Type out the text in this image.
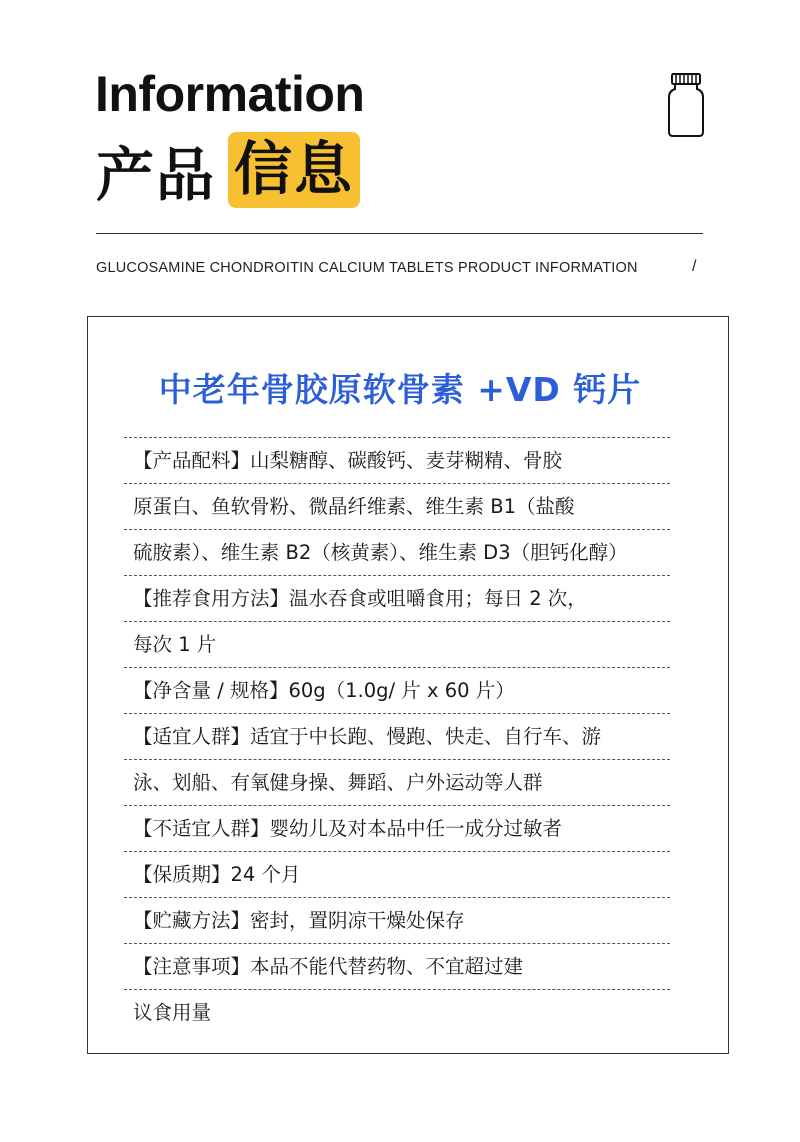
Information
产品 信息
GLUCOSAMINE CHONDROITIN CALCIUM TABLETS PRODUCT INFORMATION	/
中老年骨胶原软骨素 +VD 钙片
【产品配料】山梨糖醇、碳酸钙、麦芽糊精、骨胶
原蛋白、鱼软骨粉、微晶纤维素、维生素 B1（盐酸
硫胺素）、维生素 B2（核黄素）、维生素 D3（胆钙化醇）
【推荐食用方法】温水吞食或咀嚼食用；每日 2 次，
每次 1 片
【净含量 / 规格】60g（1.0g/ 片 x 60 片）
【适宜人群】适宜于中长跑、慢跑、快走、自行车、游
泳、划船、有氧健身操、舞蹈、户外运动等人群
【不适宜人群】婴幼儿及对本品中任一成分过敏者
【保质期】24 个月
【贮藏方法】密封，置阴凉干燥处保存
【注意事项】本品不能代替药物、不宜超过建
议食用量
